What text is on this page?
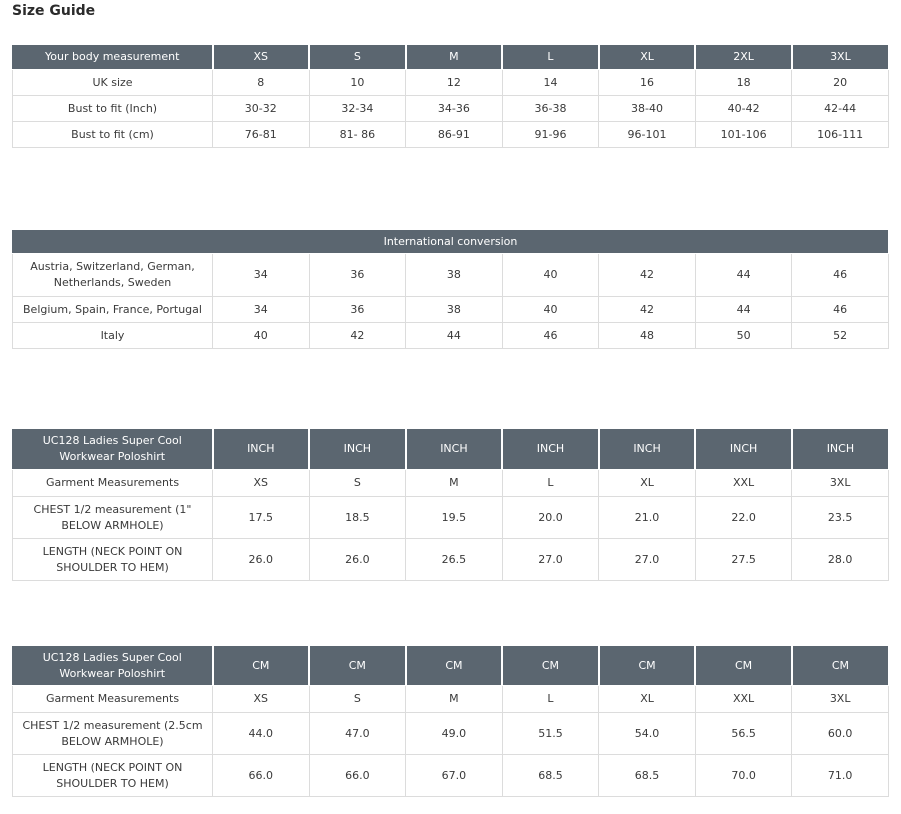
Size Guide
Your body measurement	XS	S	M	L	XL	2XL	3XL
UK size	8	10	12	14	16	18	20
Bust to fit (Inch)	30-32	32-34	34-36	36-38	38-40	40-42	42-44
Bust to fit (cm)	76-81	81- 86	86-91	91-96	96-101	101-106	106-111
International conversion							
Austria, Switzerland, German, Netherlands, Sweden	34	36	38	40	42	44	46
Belgium, Spain, France, Portugal	34	36	38	40	42	44	46
Italy	40	42	44	46	48	50	52
UC128 Ladies Super Cool Workwear Poloshirt	INCH	INCH	INCH	INCH	INCH	INCH	INCH
Garment Measurements	XS	S	M	L	XL	XXL	3XL
CHEST 1/2 measurement (1" BELOW ARMHOLE)	17.5	18.5	19.5	20.0	21.0	22.0	23.5
LENGTH (NECK POINT ON SHOULDER TO HEM)	26.0	26.0	26.5	27.0	27.0	27.5	28.0
UC128 Ladies Super Cool Workwear Poloshirt	CM	CM	CM	CM	CM	CM	CM
Garment Measurements	XS	S	M	L	XL	XXL	3XL
CHEST 1/2 measurement (2.5cm BELOW ARMHOLE)	44.0	47.0	49.0	51.5	54.0	56.5	60.0
LENGTH (NECK POINT ON SHOULDER TO HEM)	66.0	66.0	67.0	68.5	68.5	70.0	71.0
